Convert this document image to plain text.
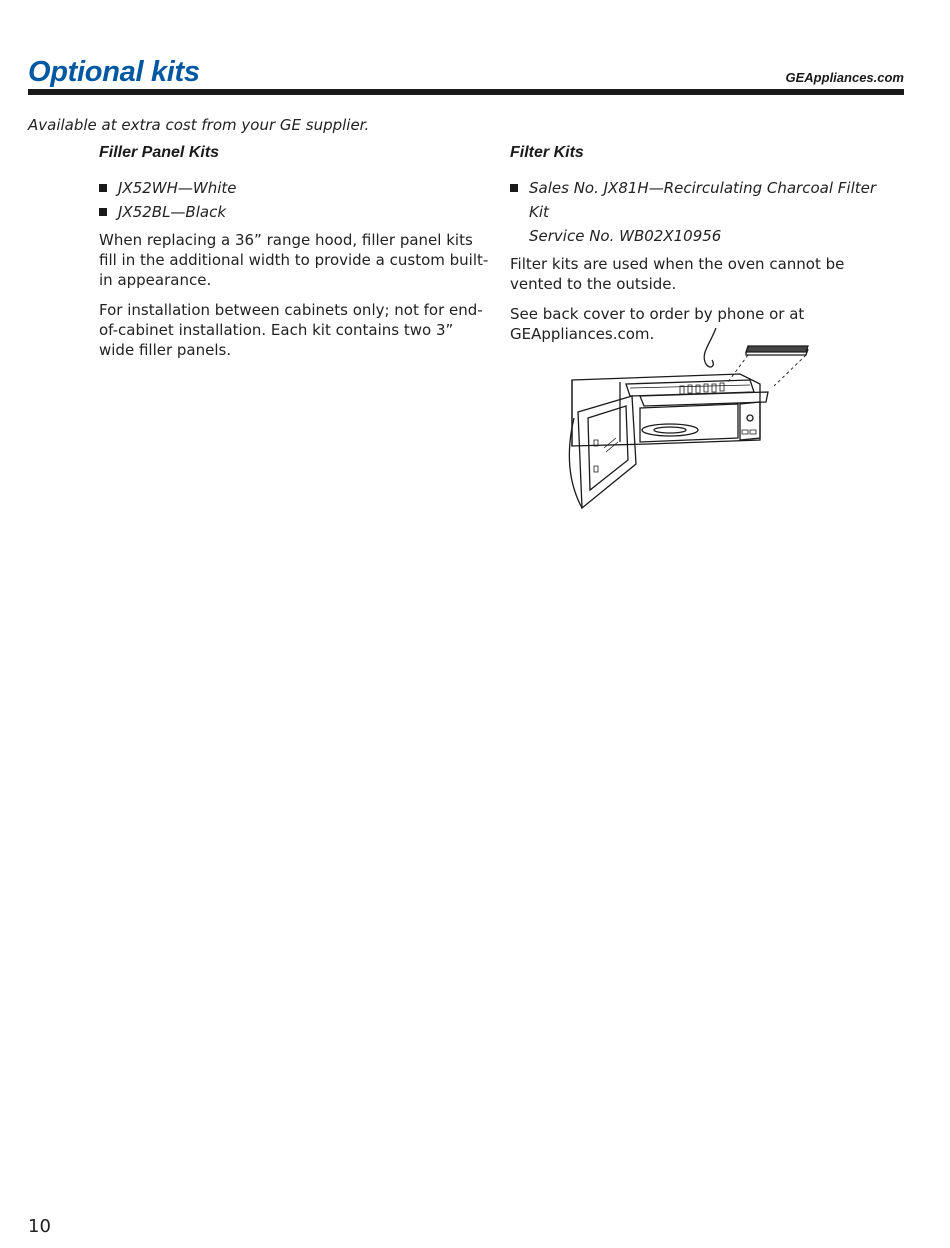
Optional kits	GEAppliances.com
Available at extra cost from your GE supplier.
Filler Panel Kits
JX52WH—White
JX52BL—Black

When replacing a 36” range hood, filler panel kits fill in the additional width to provide a custom built-in appearance.

For installation between cabinets only; not for end-of-cabinet installation. Each kit contains two 3” wide filler panels.

Filter Kits
Sales No. JX81H—Recirculating Charcoal Filter Kit
Service No. WB02X10956

Filter kits are used when the oven cannot be vented to the outside.

See back cover to order by phone or at GEAppliances.com.

10
